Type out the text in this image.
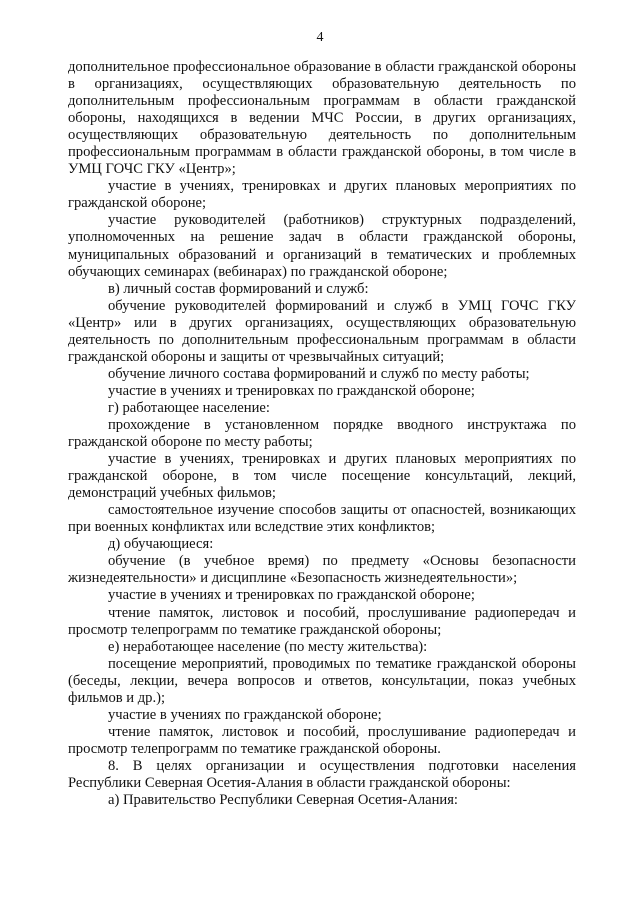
4

дополнительное профессиональное образование в области гражданской обороны в организациях, осуществляющих образовательную деятельность по дополнительным профессиональным программам в области гражданской обороны, находящихся в ведении МЧС России, в других организациях, осуществляющих образовательную деятельность по дополнительным профессиональным программам в области гражданской обороны, в том числе в УМЦ ГОЧС ГКУ «Центр»;

участие в учениях, тренировках и других плановых мероприятиях по гражданской обороне;

участие руководителей (работников) структурных подразделений, уполномоченных на решение задач в области гражданской обороны, муниципальных образований и организаций в тематических и проблемных обучающих семинарах (вебинарах) по гражданской обороне;

в) личный состав формирований и служб:

обучение руководителей формирований и служб в УМЦ ГОЧС ГКУ «Центр» или в других организациях, осуществляющих образовательную деятельность по дополнительным профессиональным программам в области гражданской обороны и защиты от чрезвычайных ситуаций;

обучение личного состава формирований и служб по месту работы;

участие в учениях и тренировках по гражданской обороне;

г) работающее население:

прохождение в установленном порядке вводного инструктажа по гражданской обороне по месту работы;

участие в учениях, тренировках и других плановых мероприятиях по гражданской обороне, в том числе посещение консультаций, лекций, демонстраций учебных фильмов;

самостоятельное изучение способов защиты от опасностей, возникающих при военных конфликтах или вследствие этих конфликтов;

д) обучающиеся:

обучение (в учебное время) по предмету «Основы безопасности жизнедеятельности» и дисциплине «Безопасность жизнедеятельности»;

участие в учениях и тренировках по гражданской обороне;

чтение памяток, листовок и пособий, прослушивание радиопередач и просмотр телепрограмм по тематике гражданской обороны;

е) неработающее население (по месту жительства):

посещение мероприятий, проводимых по тематике гражданской обороны (беседы, лекции, вечера вопросов и ответов, консультации, показ учебных фильмов и др.);

участие в учениях по гражданской обороне;

чтение памяток, листовок и пособий, прослушивание радиопередач и просмотр телепрограмм по тематике гражданской обороны.

8. В целях организации и осуществления подготовки населения Республики Северная Осетия-Алания в области гражданской обороны:

а) Правительство Республики Северная Осетия-Алания:
